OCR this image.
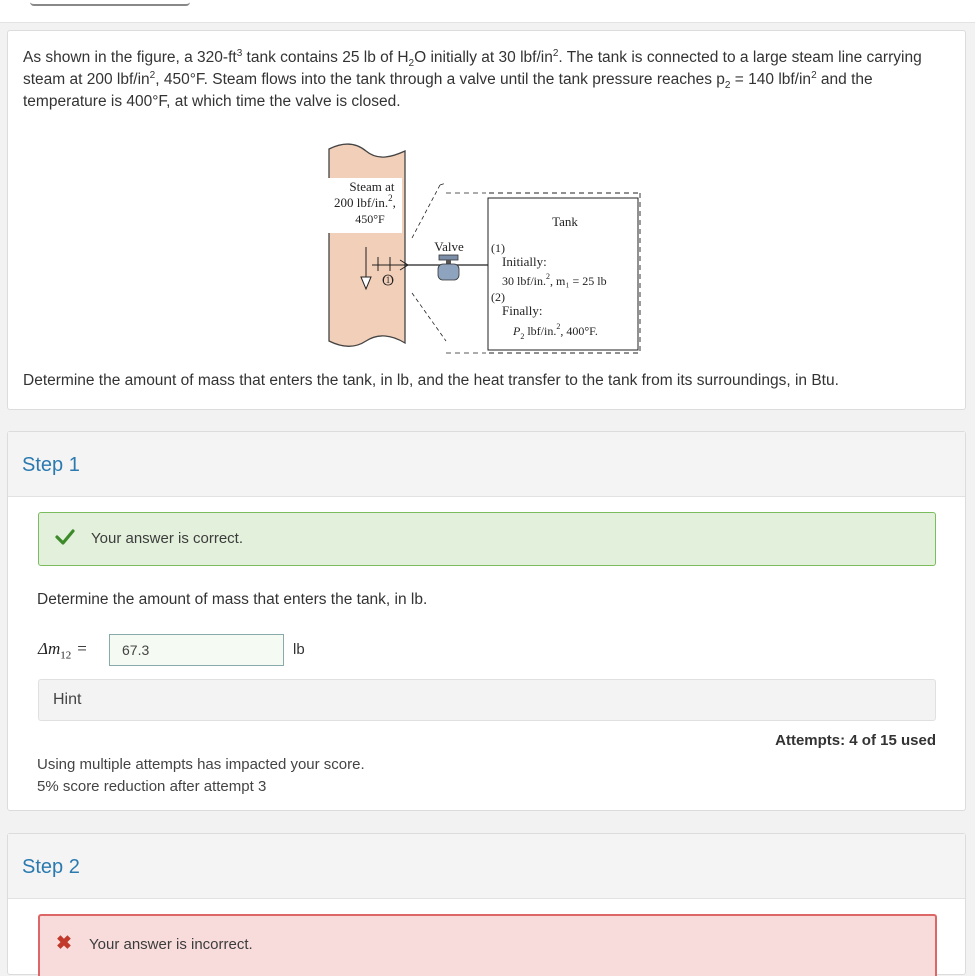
As shown in the figure, a $320-ft^3$ tank contains 25 lb of $H_2O$ initially at 30 lbf/$in^2$. The tank is connected to a large steam line carrying steam at 200 lbf/$in^2$, 450°F. Steam flows into the tank through a valve until the tank pressure reaches $p_2 = 140$ lbf/$in^2$ and the temperature is 400°F, at which time the valve is closed.
Steam at
200 lbf/in.$^2$,
450°F
(1)
Valve
Tank
(1)
Initially:
30 lbf/in.$^2$, m₁ = 25 lb
(2)
Finally:
$P_2$ lbf/in.$^2$, 400°F.
Determine the amount of mass that enters the tank, in lb, and the heat transfer to the tank from its surroundings, in Btu.
Step 1
Your answer is correct.
Determine the amount of mass that enters the tank, in lb.
$\Delta m_{12}$ =	67.3	lb
Hint
Attempts: 4 of 15 used
Using multiple attempts has impacted your score.
5% score reduction after attempt 3
Step 2
✖ Your answer is incorrect.
